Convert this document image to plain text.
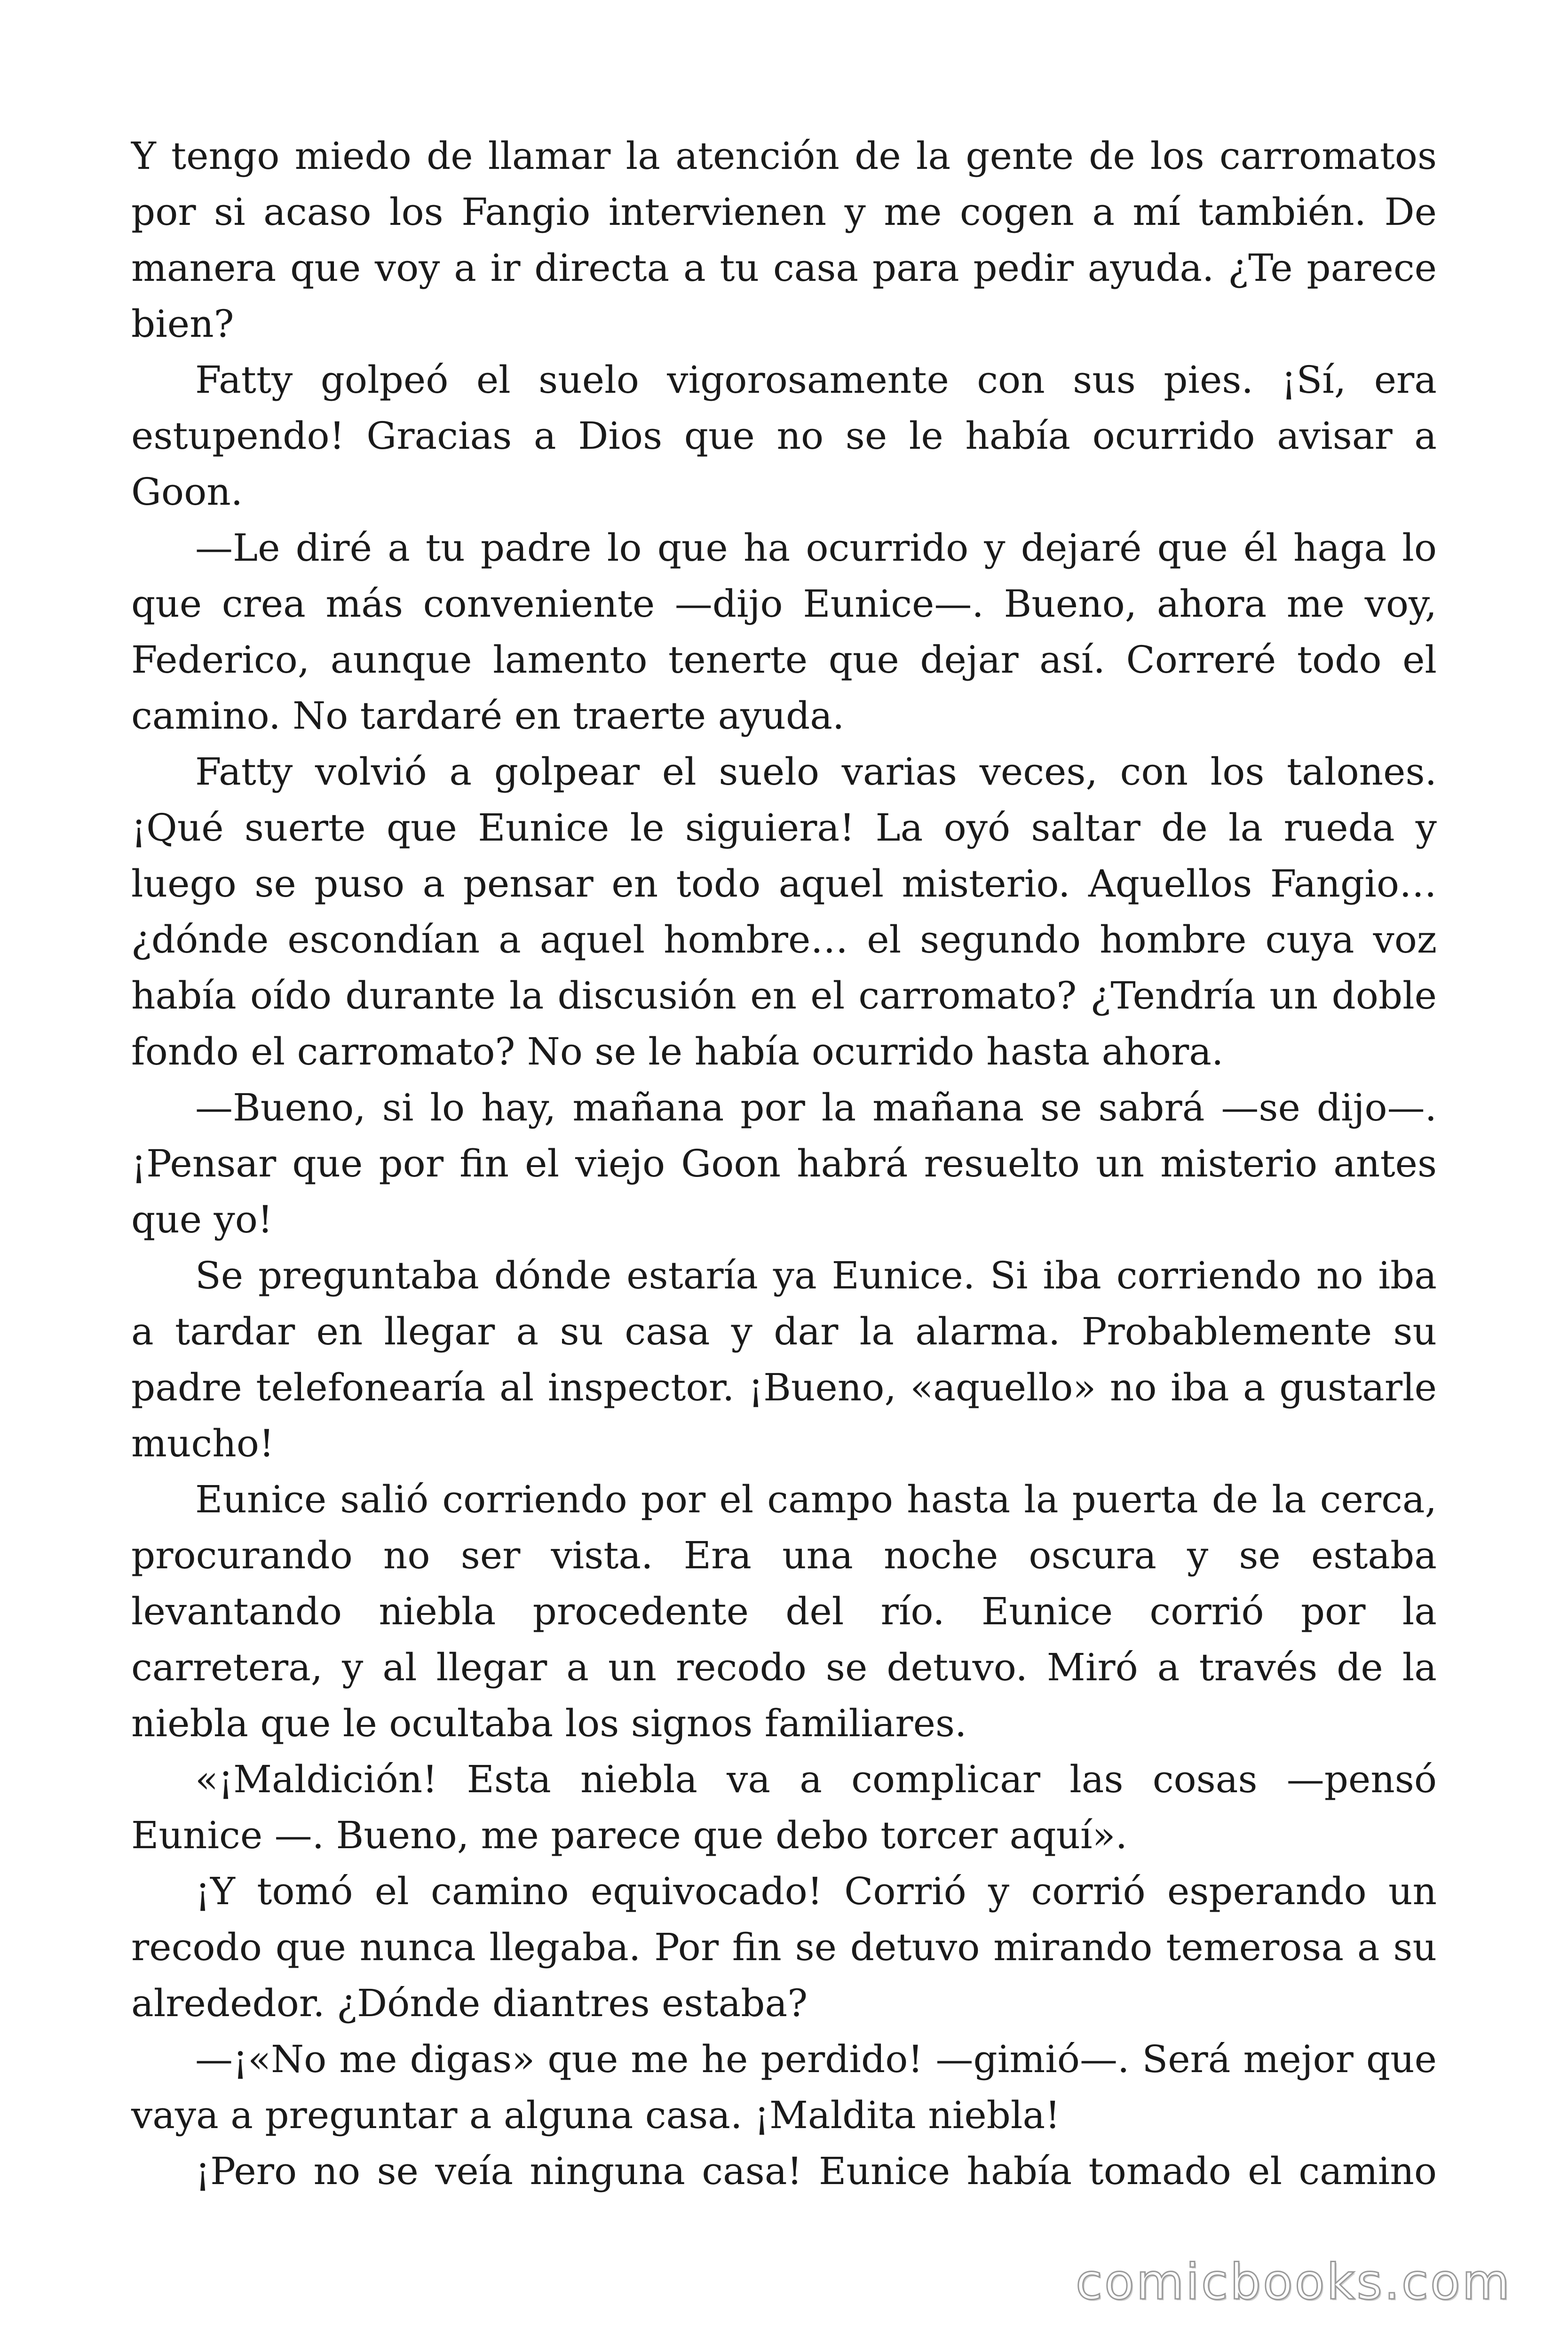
Y tengo miedo de llamar la atención de la gente de los carromatos por si acaso los Fangio intervienen y me cogen a mí también. De manera que voy a ir directa a tu casa para pedir ayuda. ¿Te parece bien?

Fatty golpeó el suelo vigorosamente con sus pies. ¡Sí, era estupendo! Gracias a Dios que no se le había ocurrido avisar a Goon.

—Le diré a tu padre lo que ha ocurrido y dejaré que él haga lo que crea más conveniente —dijo Eunice—. Bueno, ahora me voy, Federico, aunque lamento tenerte que dejar así. Correré todo el camino. No tardaré en traerte ayuda.

Fatty volvió a golpear el suelo varias veces, con los talones. ¡Qué suerte que Eunice le siguiera! La oyó saltar de la rueda y luego se puso a pensar en todo aquel misterio. Aquellos Fangio… ¿dónde escondían a aquel hombre… el segundo hombre cuya voz había oído durante la discusión en el carromato? ¿Tendría un doble fondo el carromato? No se le había ocurrido hasta ahora.

—Bueno, si lo hay, mañana por la mañana se sabrá —se dijo—. ¡Pensar que por fin el viejo Goon habrá resuelto un misterio antes que yo!

Se preguntaba dónde estaría ya Eunice. Si iba corriendo no iba a tardar en llegar a su casa y dar la alarma. Probablemente su padre telefonearía al inspector. ¡Bueno, «aquello» no iba a gustarle mucho!

Eunice salió corriendo por el campo hasta la puerta de la cerca, procurando no ser vista. Era una noche oscura y se estaba levantando niebla procedente del río. Eunice corrió por la carretera, y al llegar a un recodo se detuvo. Miró a través de la niebla que le ocultaba los signos familiares.

«¡Maldición! Esta niebla va a complicar las cosas —pensó Eunice —. Bueno, me parece que debo torcer aquí».

¡Y tomó el camino equivocado! Corrió y corrió esperando un recodo que nunca llegaba. Por fin se detuvo mirando temerosa a su alrededor. ¿Dónde diantres estaba?

—¡«No me digas» que me he perdido! —gimió—. Será mejor que vaya a preguntar a alguna casa. ¡Maldita niebla!

¡Pero no se veía ninguna casa! Eunice había tomado el camino

comicbooks.com
